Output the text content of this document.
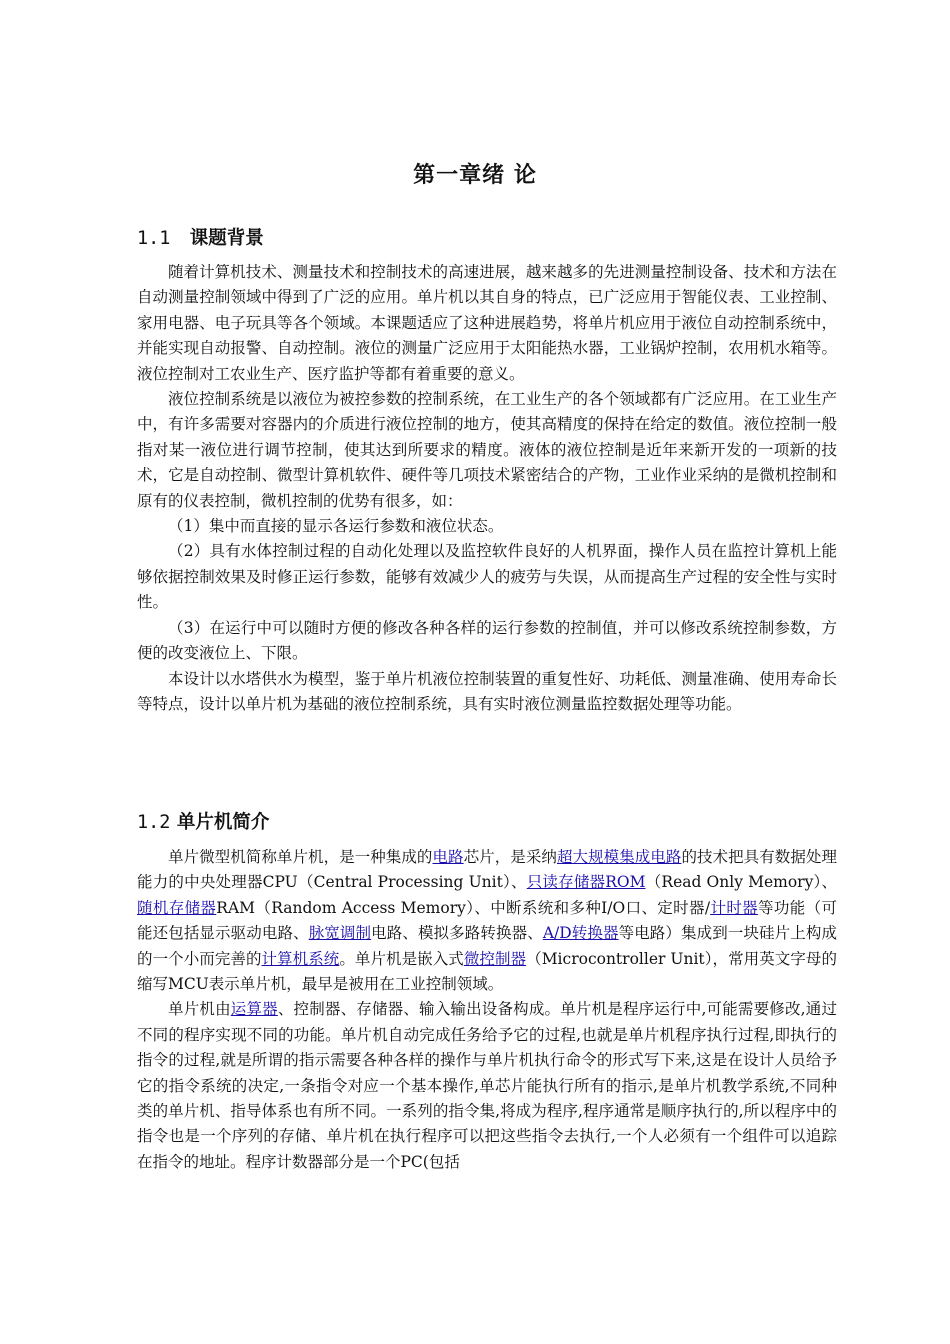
第一章绪 论
1.1 课题背景

随着计算机技术、测量技术和控制技术的高速进展，越来越多的先进测量控制设备、技术和方法在自动测量控制领域中得到了广泛的应用。单片机以其自身的特点，已广泛应用于智能仪表、工业控制、家用电器、电子玩具等各个领域。本课题适应了这种进展趋势，将单片机应用于液位自动控制系统中，并能实现自动报警、自动控制。液位的测量广泛应用于太阳能热水器，工业锅炉控制，农用机水箱等。液位控制对工农业生产、医疗监护等都有着重要的意义。

液位控制系统是以液位为被控参数的控制系统，在工业生产的各个领域都有广泛应用。在工业生产中，有许多需要对容器内的介质进行液位控制的地方，使其高精度的保持在给定的数值。液位控制一般指对某一液位进行调节控制，使其达到所要求的精度。液体的液位控制是近年来新开发的一项新的技术，它是自动控制、微型计算机软件、硬件等几项技术紧密结合的产物，工业作业采纳的是微机控制和原有的仪表控制，微机控制的优势有很多，如：

（1）集中而直接的显示各运行参数和液位状态。

（2）具有水体控制过程的自动化处理以及监控软件良好的人机界面，操作人员在监控计算机上能够依据控制效果及时修正运行参数，能够有效减少人的疲劳与失误，从而提高生产过程的安全性与实时性。

（3）在运行中可以随时方便的修改各种各样的运行参数的控制值，并可以修改系统控制参数，方便的改变液位上、下限。

本设计以水塔供水为模型，鉴于单片机液位控制装置的重复性好、功耗低、测量准确、使用寿命长等特点，设计以单片机为基础的液位控制系统，具有实时液位测量监控数据处理等功能。

1.2 单片机简介

单片微型机简称单片机，是一种集成的电路芯片，是采纳超大规模集成电路的技术把具有数据处理能力的中央处理器CPU（Central Processing Unit）、只读存储器ROM（Read Only Memory）、随机存储器RAM（Random Access Memory）、中断系统和多种I/O口、定时器/计时器等功能（可能还包括显示驱动电路、脉宽调制电路、模拟多路转换器、A/D转换器等电路）集成到一块硅片上构成的一个小而完善的计算机系统。单片机是嵌入式微控制器（Microcontroller Unit），常用英文字母的缩写MCU表示单片机，最早是被用在工业控制领域。

单片机由运算器、控制器、存储器、输入输出设备构成。单片机是程序运行中,可能需要修改,通过不同的程序实现不同的功能。单片机自动完成任务给予它的过程,也就是单片机程序执行过程,即执行的指令的过程,就是所谓的指示需要各种各样的操作与单片机执行命令的形式写下来,这是在设计人员给予它的指令系统的决定,一条指令对应一个基本操作,单芯片能执行所有的指示,是单片机教学系统,不同种类的单片机、指导体系也有所不同。一系列的指令集,将成为程序,程序通常是顺序执行的,所以程序中的指令也是一个序列的存储、单片机在执行程序可以把这些指令去执行,一个人必须有一个组件可以追踪在指令的地址。程序计数器部分是一个PC(包括
